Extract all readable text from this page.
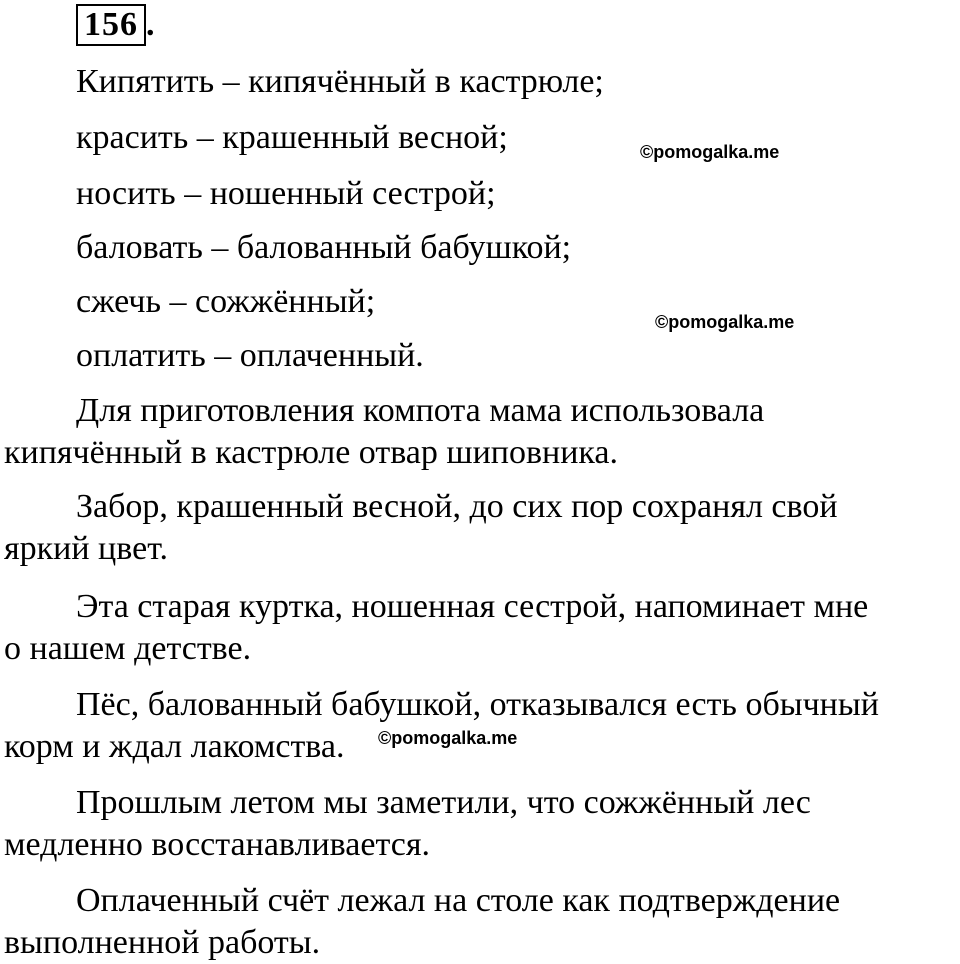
156 .
Кипятить – кипячённый в кастрюле;
красить – крашенный весной;
носить – ношенный сестрой;
баловать – балованный бабушкой;
сжечь – сожжённый;
оплатить – оплаченный.
Для приготовления компота мама использовала
кипячённый в кастрюле отвар шиповника.
Забор, крашенный весной, до сих пор сохранял свой
яркий цвет.
Эта старая куртка, ношенная сестрой, напоминает мне
о нашем детстве.
Пёс, балованный бабушкой, отказывался есть обычный
корм и ждал лакомства.
Прошлым летом мы заметили, что сожжённый лес
медленно восстанавливается.
Оплаченный счёт лежал на столе как подтверждение
выполненной работы.
©pomogalka.me
©pomogalka.me
©pomogalka.me
